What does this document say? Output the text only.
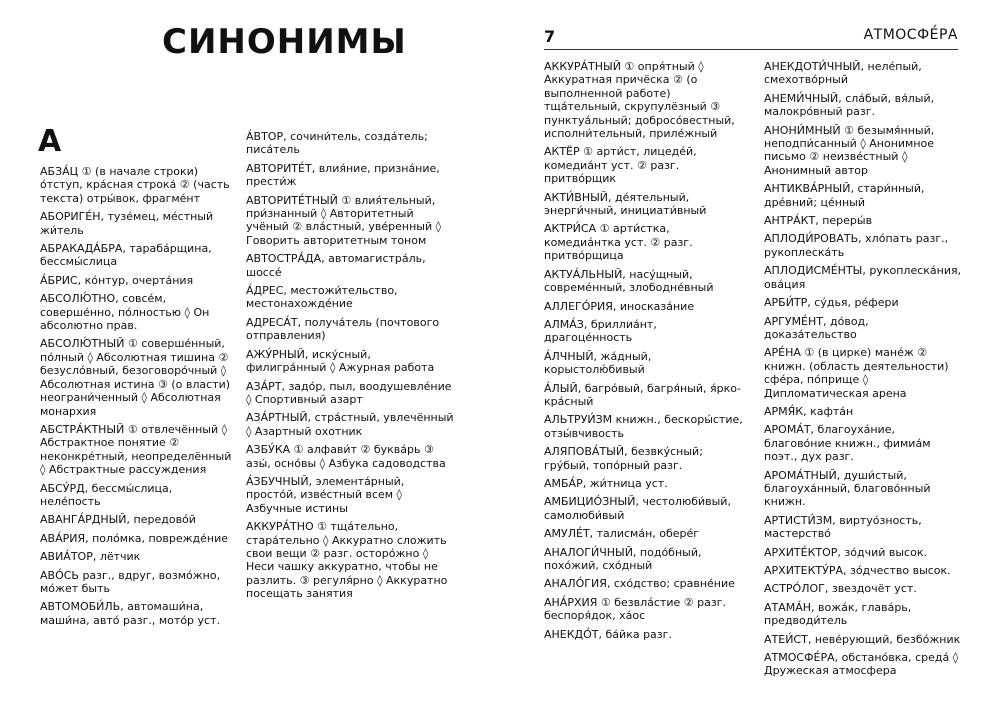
СИНОНИМЫ
А

АБЗА́Ц ① (в начале строки) о́тступ, кра́сная строка́ ② (часть текста) отры́вок, фрагме́нт

АБОРИГЕ́Н, тузе́мец, ме́стный жи́тель

АБРАКАДА́БРА, тараба́рщина, бессмы́слица

А́БРИС, ко́нтур, очерта́ния

АБСОЛЮ́ТНО, совсе́м, соверше́нно, по́лностью ◊ Он абсолютно прав.

АБСОЛЮ́ТНЫЙ ① соверше́нный, по́лный ◊ Абсолютная тишина ② безусло́вный, безоговоро́чный ◊ Абсолютная истина ③ (о власти) неограни́ченный ◊ Абсолютная монархия

АБСТРА́КТНЫЙ ① отвлечённый ◊ Абстрактное понятие ② неконкре́тный, неопределённый ◊ Абстрактные рассуждения

АБСУ́РД, бессмы́слица, неле́пость

АВАНГА́РДНЫЙ, передово́й

АВА́РИЯ, поло́мка, поврежде́ние

АВИА́ТОР, лётчик

АВО́СЬ разг., вдруг, возмо́жно, мо́жет быть

АВТОМОБИ́ЛЬ, автомаши́на, маши́на, авто́ разг., мото́р уст.

А́ВТОР, сочини́тель, созда́тель; писа́тель

АВТОРИТЕ́Т, влия́ние, призна́ние, прести́ж

АВТОРИТЕ́ТНЫЙ ① влия́тельный, при́знанный ◊ Авторитетный учёный ② вла́стный, уве́ренный ◊ Говорить авторитетным тоном

АВТОСТРА́ДА, автомагистра́ль, шоссе́

А́ДРЕС, местожи́тельство, местонахожде́ние

АДРЕСА́Т, получа́тель (почтового отправления)

АЖУ́РНЫЙ, иску́сный, филигра́нный ◊ Ажурная работа

АЗА́РТ, задо́р, пыл, воодушевле́ние ◊ Спортивный азарт

АЗА́РТНЫЙ, стра́стный, увлечённый ◊ Азартный охотник

АЗБУ́КА ① алфави́т ② буква́рь ③ азы́, осно́вы ◊ Азбука садоводства

А́ЗБУЧНЫЙ, элемента́рный, просто́й, изве́стный всем ◊ Азбучные истины

АККУРА́ТНО ① тща́тельно, стара́тельно ◊ Аккуратно сложить свои вещи ② разг. осторо́жно ◊ Неси чашку аккуратно, чтобы не разлить. ③ регуля́рно ◊ Аккуратно посещать занятия

7	АТМОСФЕ́РА

АККУРА́ТНЫЙ ① опря́тный ◊ Аккуратная причёска ② (о выполненной работе) тща́тельный, скрупулёзный ③ пунктуа́льный; добросо́вестный, исполни́тельный, приле́жный

АКТЁР ① арти́ст, лицеде́й, комедиа́нт уст. ② разг. притво́рщик

АКТИ́ВНЫЙ, де́ятельный, энерги́чный, инициати́вный

АКТРИ́СА ① арти́стка, комедиа́нтка уст. ② разг. притво́рщица

АКТУА́ЛЬНЫЙ, насу́щный, совреме́нный, злободне́вный

АЛЛЕГО́РИЯ, иносказа́ние

АЛМА́З, бриллиа́нт, драгоце́нность

А́ЛЧНЫЙ, жа́дный, корыстолю́бивый

А́ЛЫЙ, багро́вый, багря́ный, я́рко-кра́сный

АЛЬТРУИ́ЗМ книжн., бескоры́стие, отзы́вчивость

АЛЯПОВА́ТЫЙ, безвку́сный; гру́бый, топо́рный разг.

АМБА́Р, жи́тница уст.

АМБИЦИО́ЗНЫЙ, честолюби́вый, самолюби́вый

АМУЛЕ́Т, талисма́н, обере́г

АНАЛОГИ́ЧНЫЙ, подо́бный, похо́жий, схо́дный

АНАЛО́ГИЯ, схо́дство; сравне́ние

АНА́РХИЯ ① безвла́стие ② разг. беспоря́док, ха́ос

АНЕКДО́Т, ба́йка разг.

АНЕКДОТИ́ЧНЫЙ, неле́пый, смехотво́рный

АНЕМИ́ЧНЫЙ, сла́бый, вя́лый, малокро́вный разг.

АНОНИ́МНЫЙ ① безымя́нный, неподпи́санный ◊ Анонимное письмо ② неизве́стный ◊ Анонимный автор

АНТИКВА́РНЫЙ, стари́нный, дре́вний; це́нный

АНТРА́КТ, переры́в

АПЛОДИ́РОВАТЬ, хло́пать разг., рукоплеска́ть

АПЛОДИСМЕ́НТЫ, рукоплеска́ния, ова́ция

АРБИ́ТР, су́дья, ре́фери

АРГУМЕ́НТ, до́вод, доказа́тельство

АРЕ́НА ① (в цирке) мане́ж ② книжн. (область деятельности) сфе́ра, по́прище ◊ Дипломатическая арена

АРМЯ́К, кафта́н

АРОМА́Т, благоуха́ние, благово́ние книжн., фимиа́м поэт., дух разг.

АРОМА́ТНЫЙ, души́стый, благоуха́нный, благово́нный книжн.

АРТИСТИ́ЗМ, виртуо́зность, мастерство́

АРХИТЕ́КТОР, зо́дчий высок.

АРХИТЕКТУ́РА, зо́дчество высок.

АСТРО́ЛОГ, звездочёт уст.

АТАМА́Н, вожа́к, глава́рь, предводи́тель

АТЕИ́СТ, неве́рующий, безбо́жник

АТМОСФЕ́РА, обстано́вка, среда́ ◊ Дружеская атмосфера
